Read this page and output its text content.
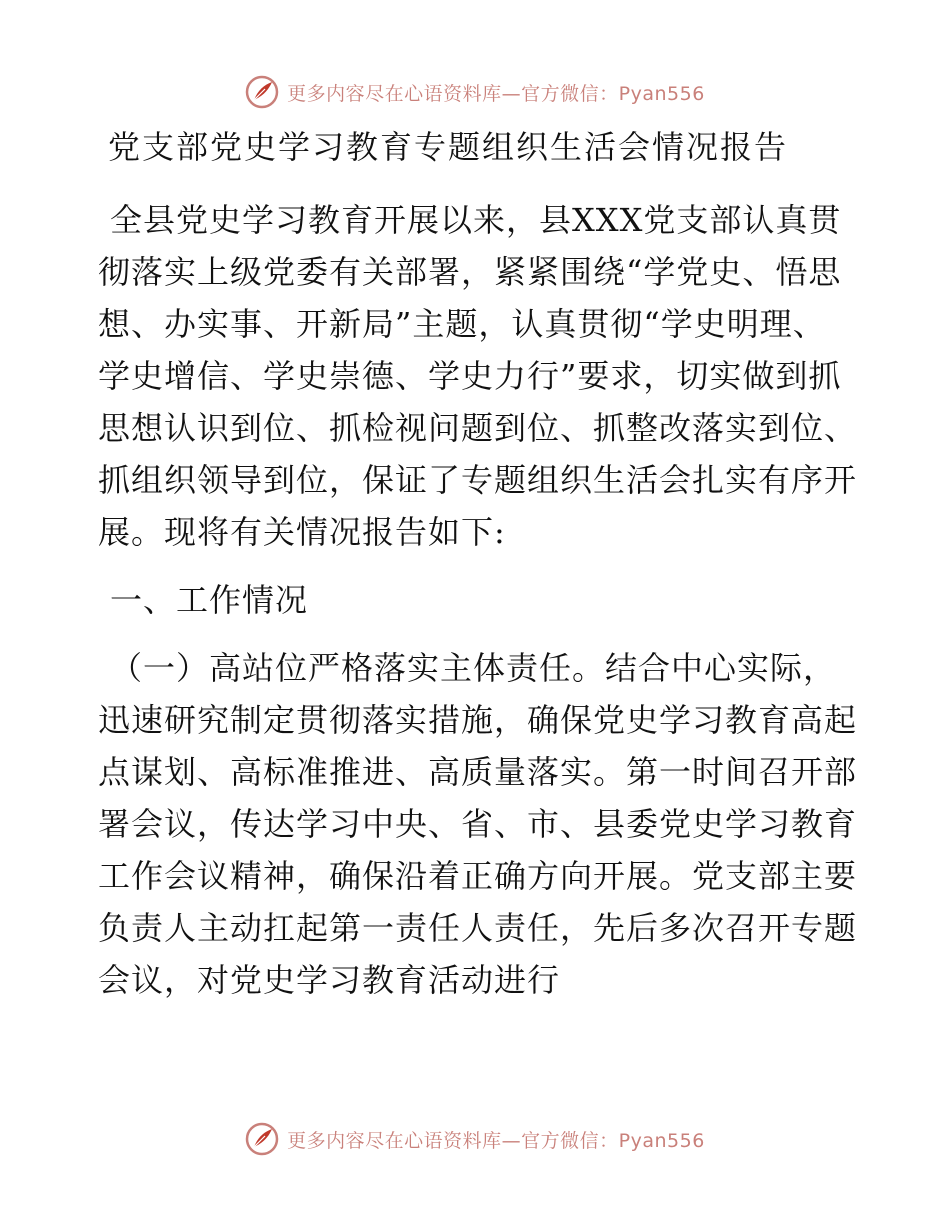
更多内容尽在心语资料库—官方微信：Pyan556
党支部党史学习教育专题组织生活会情况报告

全县党史学习教育开展以来，县XXX党支部认真贯彻落实上级党委有关部署，紧紧围绕“学党史、悟思想、办实事、开新局”主题，认真贯彻“学史明理、学史增信、学史崇德、学史力行”要求，切实做到抓思想认识到位、抓检视问题到位、抓整改落实到位、抓组织领导到位，保证了专题组织生活会扎实有序开展。现将有关情况报告如下:

一、工作情况

（一）高站位严格落实主体责任。结合中心实际，迅速研究制定贯彻落实措施，确保党史学习教育高起点谋划、高标准推进、高质量落实。第一时间召开部署会议，传达学习中央、省、市、县委党史学习教育工作会议精神，确保沿着正确方向开展。党支部主要负责人主动扛起第一责任人责任，先后多次召开专题会议，对党史学习教育活动进行

更多内容尽在心语资料库—官方微信：Pyan556
